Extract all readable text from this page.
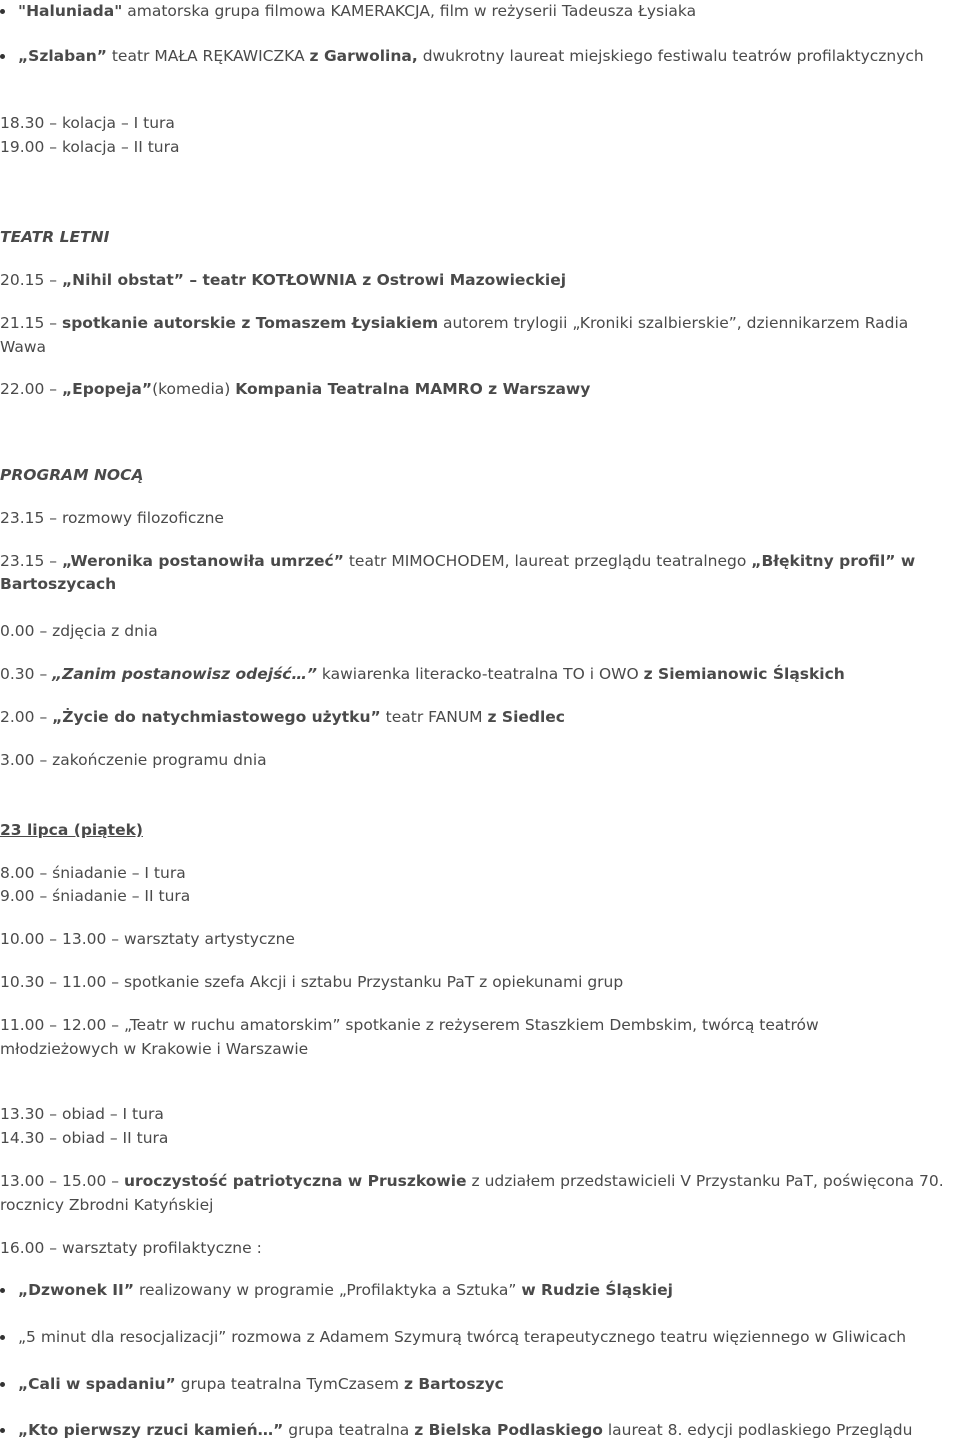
"Haluniada" amatorska grupa filmowa KAMERAKCJA, film w reżyserii Tadeusza Łysiaka
„Szlaban” teatr MAŁA RĘKAWICZKA z Garwolina, dwukrotny laureat miejskiego festiwalu teatrów profilaktycznych
18.30 – kolacja – I tura
19.00 – kolacja – II tura
TEATR LETNI
20.15 – „Nihil obstat” – teatr KOTŁOWNIA z Ostrowi Mazowieckiej
21.15 – spotkanie autorskie z Tomaszem Łysiakiem autorem trylogii „Kroniki szalbierskie”, dziennikarzem Radia
Wawa
22.00 – „Epopeja”(komedia) Kompania Teatralna MAMRO z Warszawy
PROGRAM NOCĄ
23.15 – rozmowy filozoficzne
23.15 – „Weronika postanowiła umrzeć” teatr MIMOCHODEM, laureat przeglądu teatralnego „Błękitny profil” w
Bartoszycach
0.00 – zdjęcia z dnia
0.30 – „Zanim postanowisz odejść…” kawiarenka literacko-teatralna TO i OWO z Siemianowic Śląskich
2.00 – „Życie do natychmiastowego użytku” teatr FANUM z Siedlec
3.00 – zakończenie programu dnia
23 lipca (piątek)
8.00 – śniadanie – I tura
9.00 – śniadanie – II tura
10.00 – 13.00 – warsztaty artystyczne
10.30 – 11.00 – spotkanie szefa Akcji i sztabu Przystanku PaT z opiekunami grup
11.00 – 12.00 – „Teatr w ruchu amatorskim” spotkanie z reżyserem Staszkiem Dembskim, twórcą teatrów
młodzieżowych w Krakowie i Warszawie
13.30 – obiad – I tura
14.30 – obiad – II tura
13.00 – 15.00 – uroczystość patriotyczna w Pruszkowie z udziałem przedstawicieli V Przystanku PaT, poświęcona 70.
rocznicy Zbrodni Katyńskiej
16.00 – warsztaty profilaktyczne :
„Dzwonek II” realizowany w programie „Profilaktyka a Sztuka” w Rudzie Śląskiej
„5 minut dla resocjalizacji” rozmowa z Adamem Szymurą twórcą terapeutycznego teatru więziennego w Gliwicach
„Cali w spadaniu” grupa teatralna TymCzasem z Bartoszyc
„Kto pierwszy rzuci kamień…” grupa teatralna z Bielska Podlaskiego laureat 8. edycji podlaskiego Przeglądu
